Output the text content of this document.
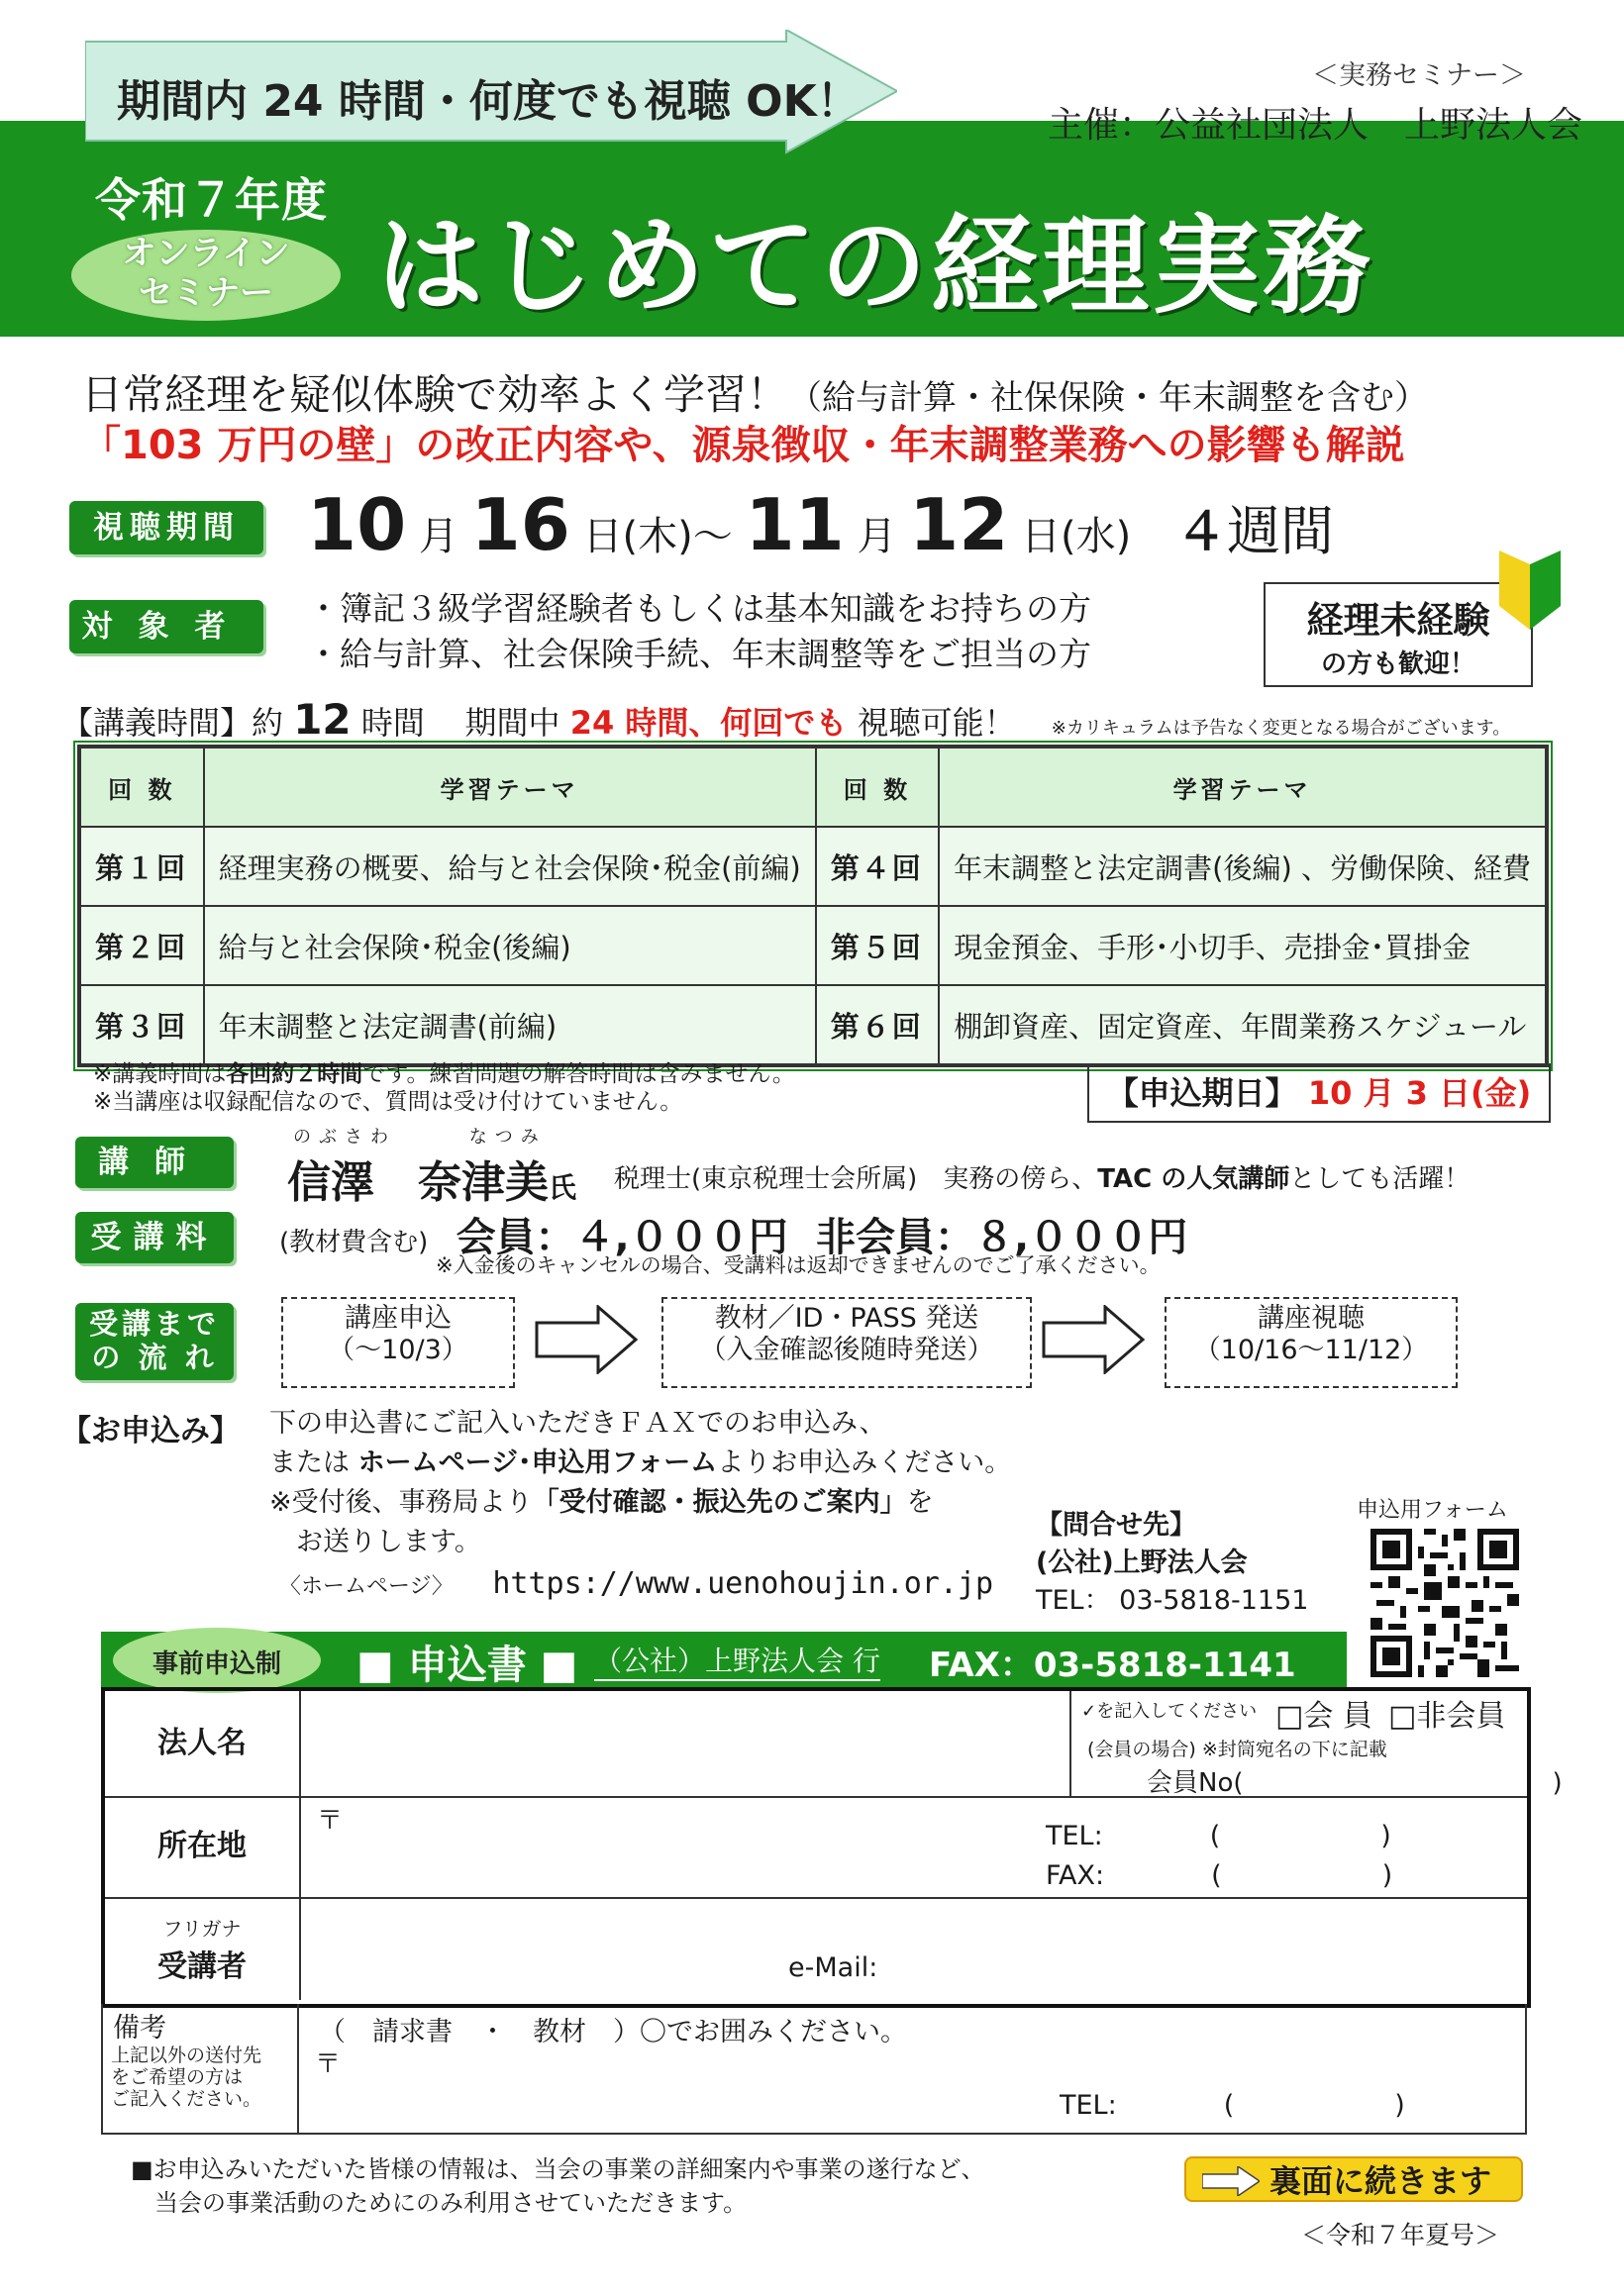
期間内 24 時間・何度でも視聴 OK！
＜実務セミナー＞
主催：公益社団法人　上野法人会
令和７年度
オンライン
セミナー はじめての経理実務
日常経理を疑似体験で効率よく学習！（給与計算・社保保険・年末調整を含む）
「103 万円の壁」の改正内容や、源泉徴収・年末調整業務への影響も解説
視聴期間 10 月 16 日(木)～ 11 月 12 日(水) ４週間
対象者	・簿記３級学習経験者もしくは基本知識をお持ちの方
・給与計算、社会保険手続、年末調整等をご担当の方
経理未経験
の方も歓迎！
【講義時間】約 12 時間 期間中 24 時間、何回でも 視聴可能！ ※カリキュラムは予告なく変更となる場合がございます。
回 数	学習テーマ	回 数	学習テーマ
第１回	経理実務の概要、給与と社会保険･税金(前編)	第４回	年末調整と法定調書(後編) 、労働保険、経費
第２回	給与と社会保険･税金(後編)	第５回	現金預金、手形･小切手、売掛金･買掛金
第３回	年末調整と法定調書(前編)	第６回	棚卸資産、固定資産、年間業務スケジュール
※講義時間は各回約２時間です。練習問題の解答時間は含みません。
※当講座は収録配信なので、質問は受け付けていません。	【申込期日】 10 月 3 日(金)
講師
のぶさわ	なつみ
信澤　奈津美氏 税理士(東京税理士会所属)　実務の傍ら、TAC の人気講師としても活躍！
受講料	(教材費含む) 会員：４,０００円 非会員：８,０００円
※入金後のキャンセルの場合、受講料は返却できませんのでご了承ください。
受講まで
の 流 れ
講座申込
（～10/3）
教材／ID・PASS 発送
（入金確認後随時発送）
講座視聴
（10/16～11/12）
【お申込み】 下の申込書にご記入いただきＦＡＸでのお申込み、
または ホームページ･申込用フォームよりお申込みください。
※受付後、事務局より「受付確認・振込先のご案内」を
　お送りします。
〈ホームページ〉 https://www.uenohoujin.or.jp
【問合せ先】
(公社)上野法人会
TEL： 03-5818-1151
申込用フォーム
事前申込制	■ 申込書 ■ （公社）上野法人会 行 FAX：03-5818-1141
法人名
✓を記入してください □会 員 □非会員
(会員の場合) ※封筒宛名の下に記載
会員No(　　　　　　　　　　　　)
所在地
〒	TEL:　　　　(　　　　　　)
FAX:　　　　(　　　　　　)
フリガナ
受講者	e-Mail:
備考
上記以外の送付先
をご希望の方は
ご記入ください。
（　請求書　・　教材　）〇でお囲みください。
〒
TEL:　　　　(　　　　　　)
■お申込みいただいた皆様の情報は、当会の事業の詳細案内や事業の遂行など、
　当会の事業活動のためにのみ利用させていただきます。
裏面に続きます
＜令和７年夏号＞
